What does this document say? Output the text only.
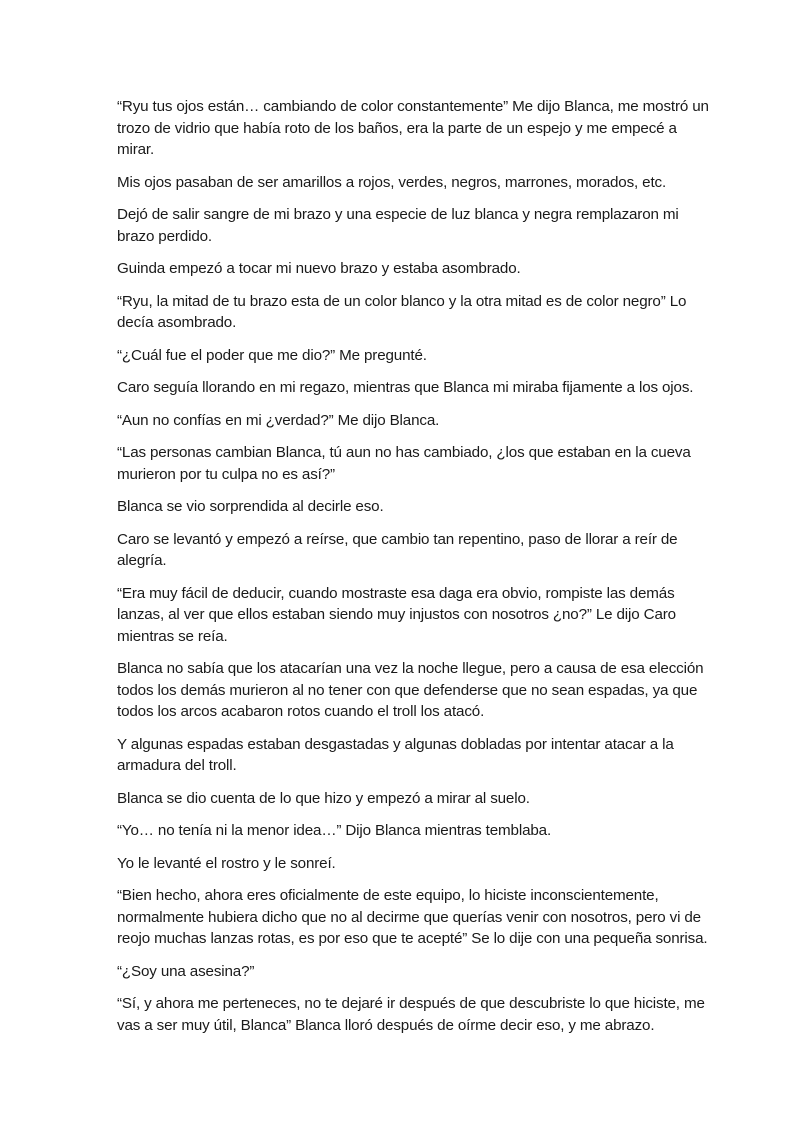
“Ryu tus ojos están… cambiando de color constantemente” Me dijo Blanca, me mostró un trozo de vidrio que había roto de los baños, era la parte de un espejo y me empecé a mirar.

Mis ojos pasaban de ser amarillos a rojos, verdes, negros, marrones, morados, etc.

Dejó de salir sangre de mi brazo y una especie de luz blanca y negra remplazaron mi brazo perdido.

Guinda empezó a tocar mi nuevo brazo y estaba asombrado.

“Ryu, la mitad de tu brazo esta de un color blanco y la otra mitad es de color negro” Lo decía asombrado.

“¿Cuál fue el poder que me dio?” Me pregunté.

Caro seguía llorando en mi regazo, mientras que Blanca mi miraba fijamente a los ojos.

“Aun no confías en mi ¿verdad?” Me dijo Blanca.

“Las personas cambian Blanca, tú aun no has cambiado, ¿los que estaban en la cueva murieron por tu culpa no es así?”

Blanca se vio sorprendida al decirle eso.

Caro se levantó y empezó a reírse, que cambio tan repentino, paso de llorar a reír de alegría.

“Era muy fácil de deducir, cuando mostraste esa daga era obvio, rompiste las demás lanzas, al ver que ellos estaban siendo muy injustos con nosotros ¿no?” Le dijo Caro mientras se reía.

Blanca no sabía que los atacarían una vez la noche llegue, pero a causa de esa elección todos los demás murieron al no tener con que defenderse que no sean espadas, ya que todos los arcos acabaron rotos cuando el troll los atacó.

Y algunas espadas estaban desgastadas y algunas dobladas por intentar atacar a la armadura del troll.

Blanca se dio cuenta de lo que hizo y empezó a mirar al suelo.

“Yo… no tenía ni la menor idea…” Dijo Blanca mientras temblaba.

Yo le levanté el rostro y le sonreí.

“Bien hecho, ahora eres oficialmente de este equipo, lo hiciste inconscientemente, normalmente hubiera dicho que no al decirme que querías venir con nosotros, pero vi de reojo muchas lanzas rotas, es por eso que te acepté” Se lo dije con una pequeña sonrisa.

“¿Soy una asesina?”

“Sí, y ahora me perteneces, no te dejaré ir después de que descubriste lo que hiciste, me vas a ser muy útil, Blanca” Blanca lloró después de oírme decir eso, y me abrazo.
